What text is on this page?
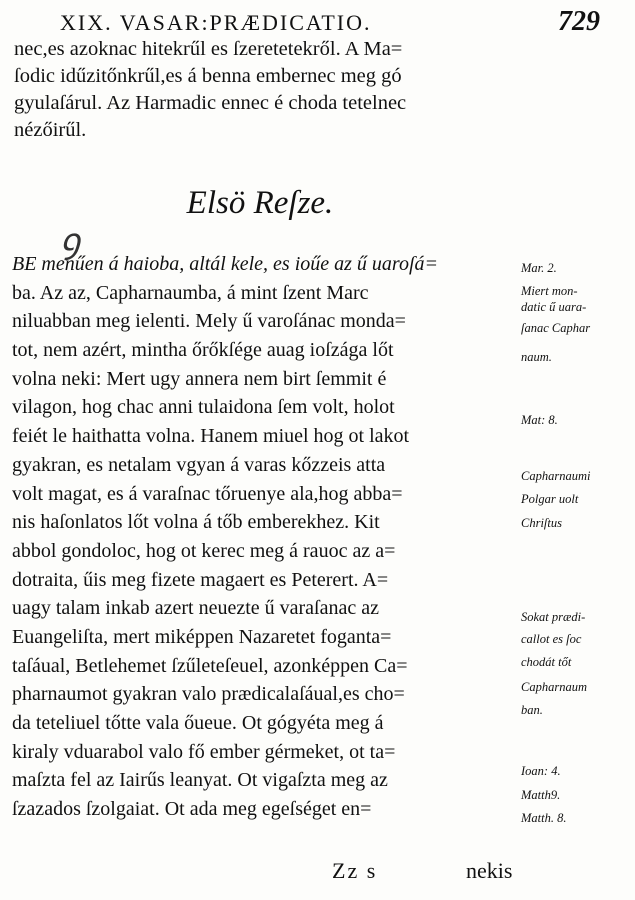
XIX. VASAR:PRÆDICATIO.	729
nec,es azoknac hitekrűl es ſzeretetekről. A Ma=
ſodic idűzitőnkrűl,es á benna embernec meg gó
gyulaſárul. Az Harmadic ennec é choda tetelnec
nézőirűl.
Elsö Reſze.
ꝯ
BE menűen á haioba, altál kele, es ioűe az ű uaroſá=
ba. Az az, Capharnaumba, á mint ſzent Marc
niluabban meg ielenti. Mely ű varoſánac monda=
tot, nem azért, mintha őrőkſége auag ioſzága lőt
volna neki: Mert ugy annera nem birt ſemmit é
vilagon, hog chac anni tulaidona ſem volt, holot
feiét le haithatta volna. Hanem miuel hog ot lakot
gyakran, es netalam vgyan á varas kőzzeis atta
volt magat, es á varaſnac tőruenye ala,hog abba=
nis haſonlatos lőt volna á tőb emberekhez. Kit
abbol gondoloc, hog ot kerec meg á rauoc az a=
dotraita, űis meg fizete magaert es Peterert. A=
uagy talam inkab azert neuezte ű varaſanac az
Euangeliſta, mert miképpen Nazaretet foganta=
taſáual, Betlehemet ſzűleteſeuel, azonképpen Ca=
pharnaumot gyakran valo prædicalaſáual,es cho=
da teteliuel tőtte vala őueue. Ot gógyéta meg á
kiraly vduarabol valo fő ember gérmeket, ot ta=
maſzta fel az Iairűs leanyat. Ot vigaſzta meg az
ſzazados ſzolgaiat. Ot ada meg egeſséget en=
Mar. 2.
Miert mon-
datic ű uara-
ſanac Caphar
naum.
Mat: 8.
Capharnaumi
Polgar uolt
Chriſtus
Sokat prædi-
callot es ſoc
chodát tőt
Capharnaum
ban.
Ioan: 4.
Matth9.
Matth. 8.
Zz s	nekis
